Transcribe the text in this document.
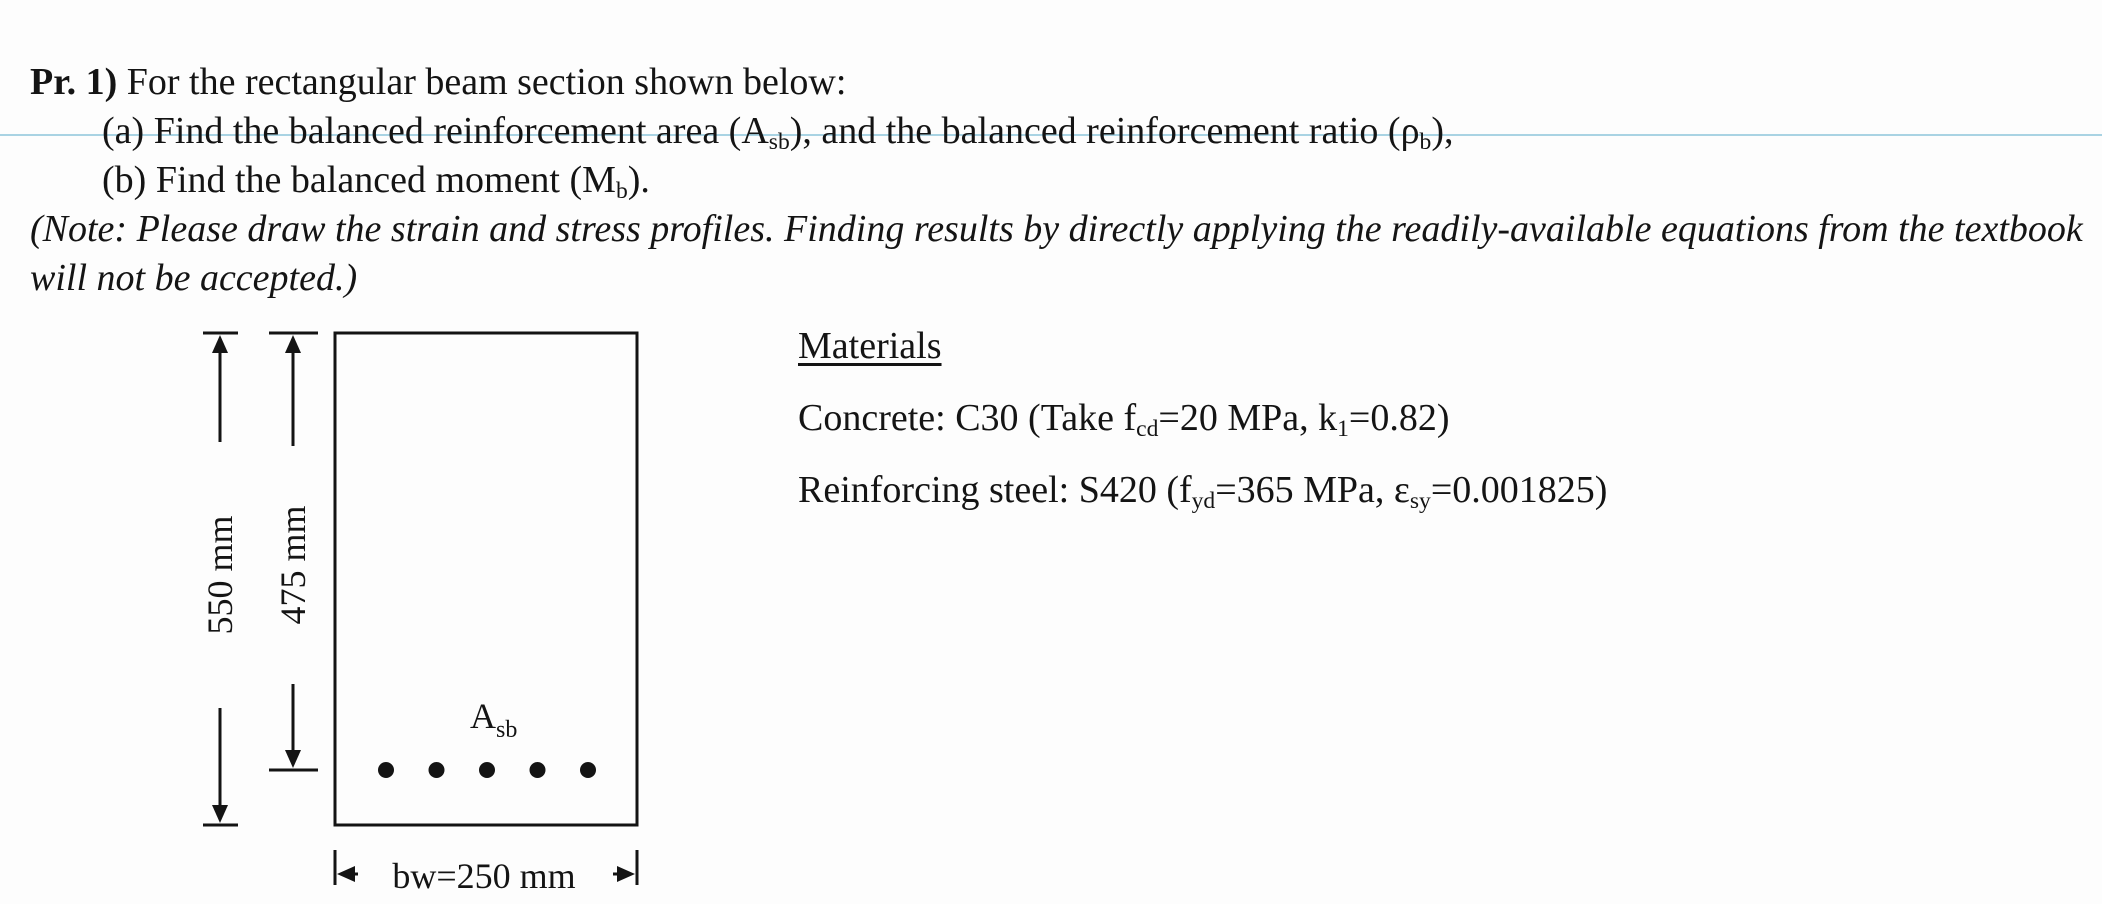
Pr. 1) For the rectangular beam section shown below:
(a) Find the balanced reinforcement area $(A_{sb})$, and the balanced reinforcement ratio $(\rho_b)$,
(b) Find the balanced moment $(M_b)$.
(Note: Please draw the strain and stress profiles. Finding results by directly applying the readily-available equations from the textbook will not be accepted.)
550 mm 475 mm
$A_{sb}$
bw=250 mm
Materials
Concrete: C30 (Take $f_{cd}=20$ MPa, $k_1=0.82$)
Reinforcing steel: S420 ($f_{yd}=365$ MPa, $\varepsilon_{sy}=0.001825$)
